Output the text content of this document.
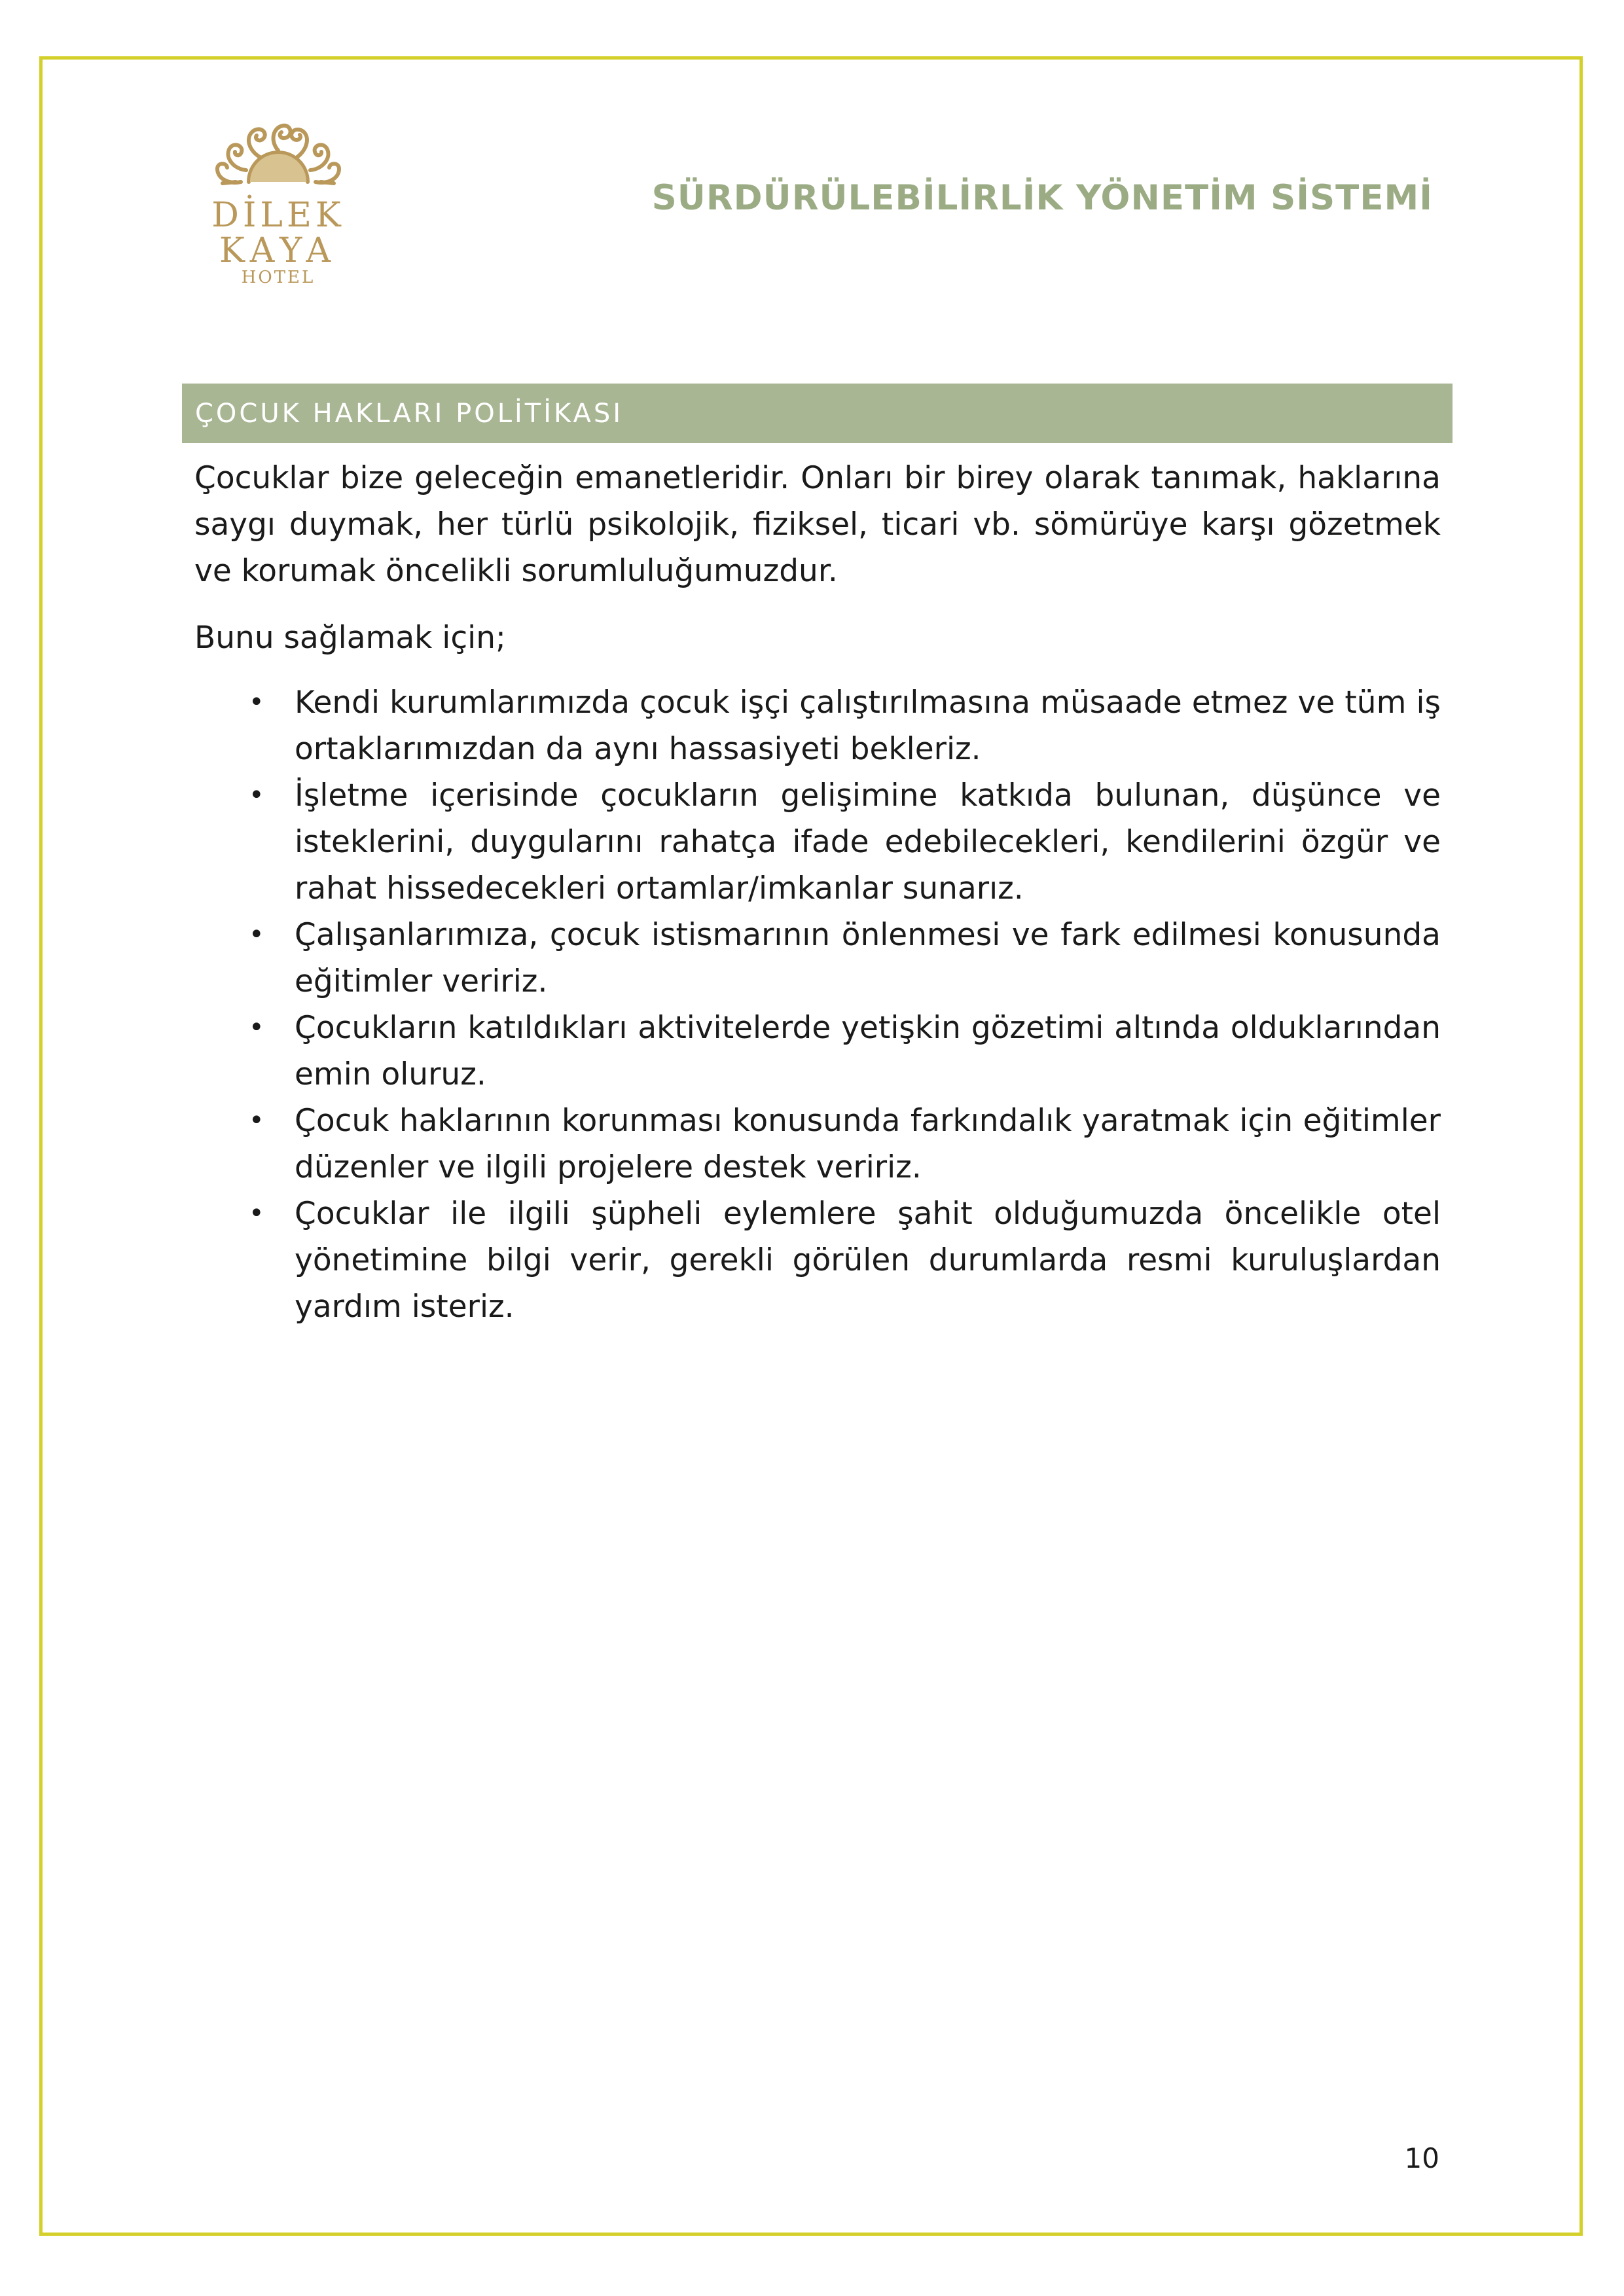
DİLEK
KAYA
HOTEL
SÜRDÜRÜLEBİLİRLİK YÖNETİM SİSTEMİ
ÇOCUK HAKLARI POLİTİKASI

Çocuklar bize geleceğin emanetleridir. Onları bir birey olarak tanımak, haklarına saygı duymak, her türlü psikolojik, fiziksel, ticari vb. sömürüye karşı gözetmek ve korumak öncelikli sorumluluğumuzdur.

Bunu sağlamak için;

• Kendi kurumlarımızda çocuk işçi çalıştırılmasına müsaade etmez ve tüm iş ortaklarımızdan da aynı hassasiyeti bekleriz.
• İşletme içerisinde çocukların gelişimine katkıda bulunan, düşünce ve isteklerini, duygularını rahatça ifade edebilecekleri, kendilerini özgür ve rahat hissedecekleri ortamlar/imkanlar sunarız.
• Çalışanlarımıza, çocuk istismarının önlenmesi ve fark edilmesi konusunda eğitimler veririz.
• Çocukların katıldıkları aktivitelerde yetişkin gözetimi altında olduklarından emin oluruz.
• Çocuk haklarının korunması konusunda farkındalık yaratmak için eğitimler düzenler ve ilgili projelere destek veririz.
• Çocuklar ile ilgili şüpheli eylemlere şahit olduğumuzda öncelikle otel yönetimine bilgi verir, gerekli görülen durumlarda resmi kuruluşlardan yardım isteriz.
10
